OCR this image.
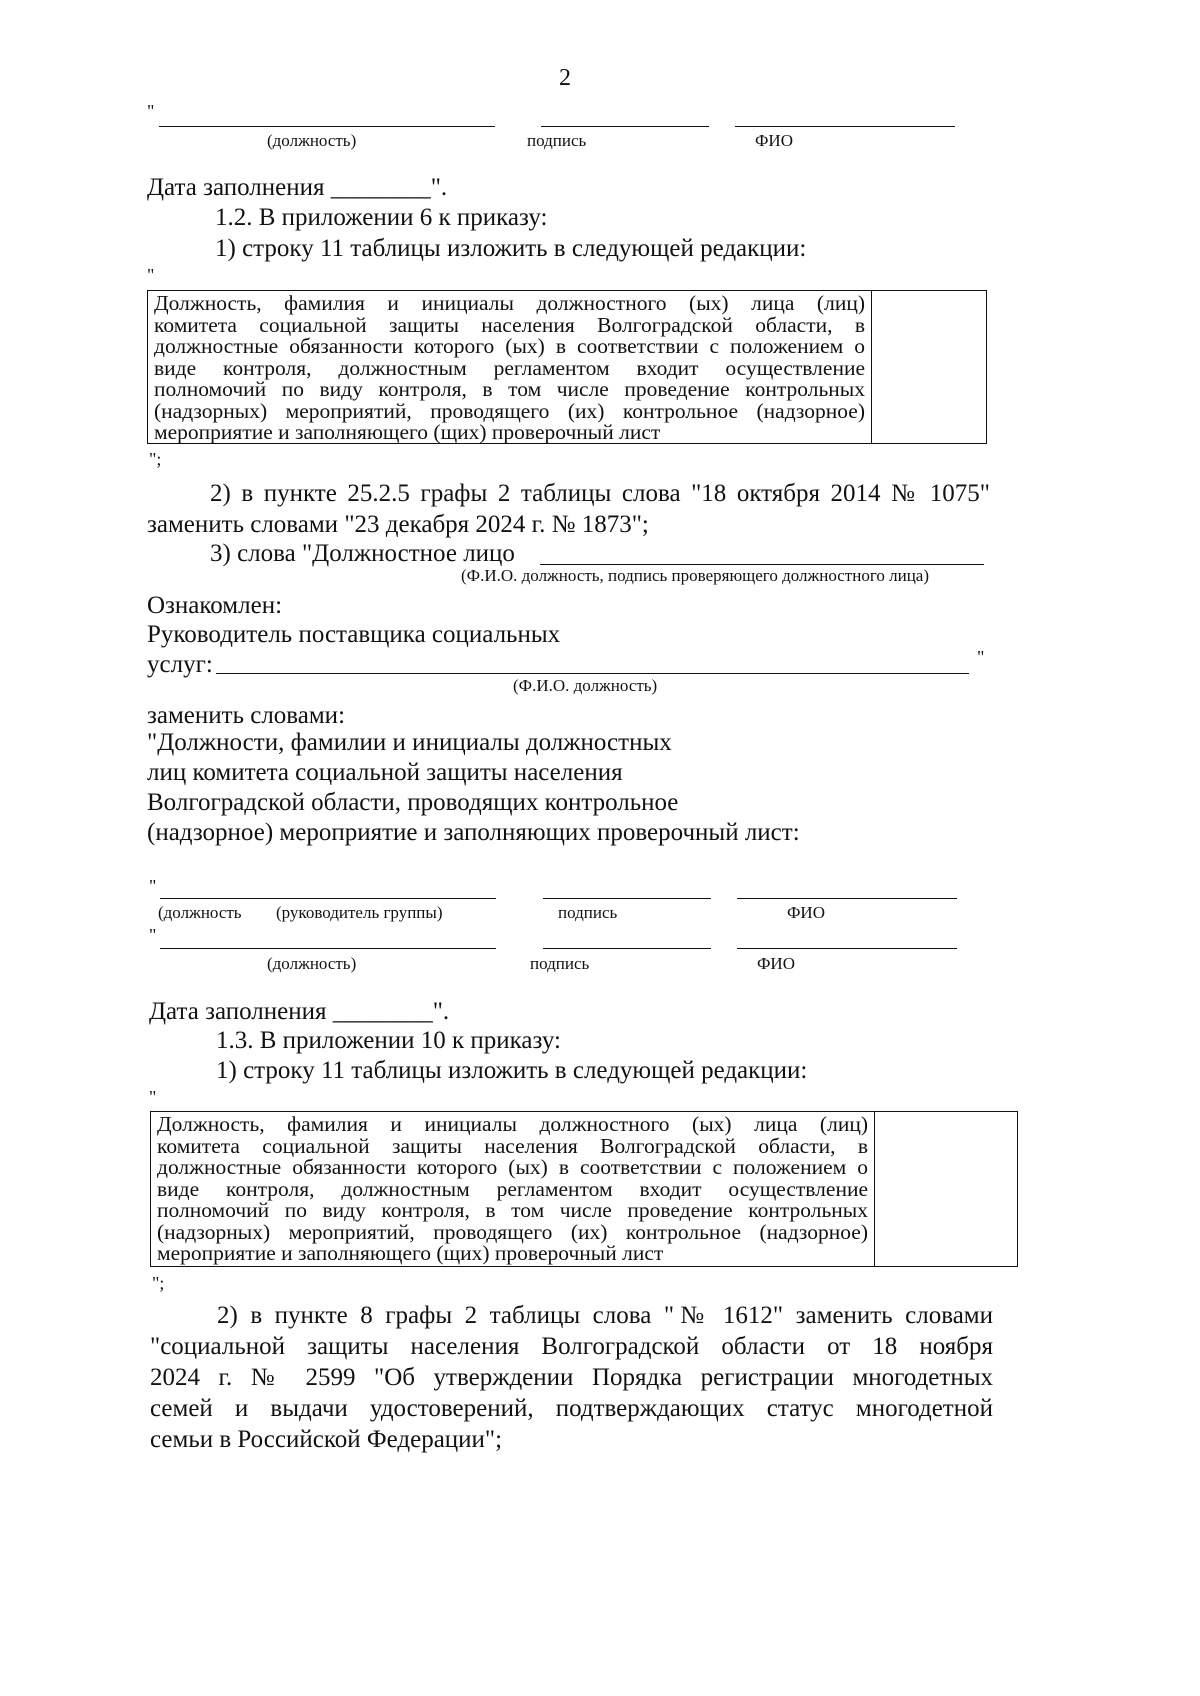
2
"
(должность)	подпись	ФИО
Дата заполнения ________".
1.2. В приложении 6 к приказу:
1) строку 11 таблицы изложить в следующей редакции:
"
Должность, фамилия и инициалы должностного (ых) лица (лиц)
комитета социальной защиты населения Волгоградской области, в
должностные обязанности которого (ых) в соответствии с положением о
виде контроля, должностным регламентом входит осуществление
полномочий по виду контроля, в том числе проведение контрольных
(надзорных) мероприятий, проводящего (их) контрольное (надзорное)
мероприятие и заполняющего (щих) проверочный лист
";
2) в пункте 25.2.5 графы 2 таблицы слова "18 октября 2014 № 1075"
заменить словами "23 декабря 2024 г. № 1873";
3) слова "Должностное лицо
(Ф.И.О. должность, подпись проверяющего должностного лица)
Ознакомлен:
Руководитель поставщика социальных
услуг:	"
(Ф.И.О. должность)
заменить словами:
"Должности, фамилии и инициалы должностных
лиц комитета социальной защиты населения
Волгоградской области, проводящих контрольное
(надзорное) мероприятие и заполняющих проверочный лист:
"
(должность (руководитель группы)	подпись	ФИО
"
(должность)	подпись	ФИО
Дата заполнения ________".
1.3. В приложении 10 к приказу:
1) строку 11 таблицы изложить в следующей редакции:
"
Должность, фамилия и инициалы должностного (ых) лица (лиц)
комитета социальной защиты населения Волгоградской области, в
должностные обязанности которого (ых) в соответствии с положением о
виде контроля, должностным регламентом входит осуществление
полномочий по виду контроля, в том числе проведение контрольных
(надзорных) мероприятий, проводящего (их) контрольное (надзорное)
мероприятие и заполняющего (щих) проверочный лист
";
2) в пункте 8 графы 2 таблицы слова "№ 1612" заменить словами
"социальной защиты населения Волгоградской области от 18 ноября
2024 г. № 2599 "Об утверждении Порядка регистрации многодетных
семей и выдачи удостоверений, подтверждающих статус многодетной
семьи в Российской Федерации";
